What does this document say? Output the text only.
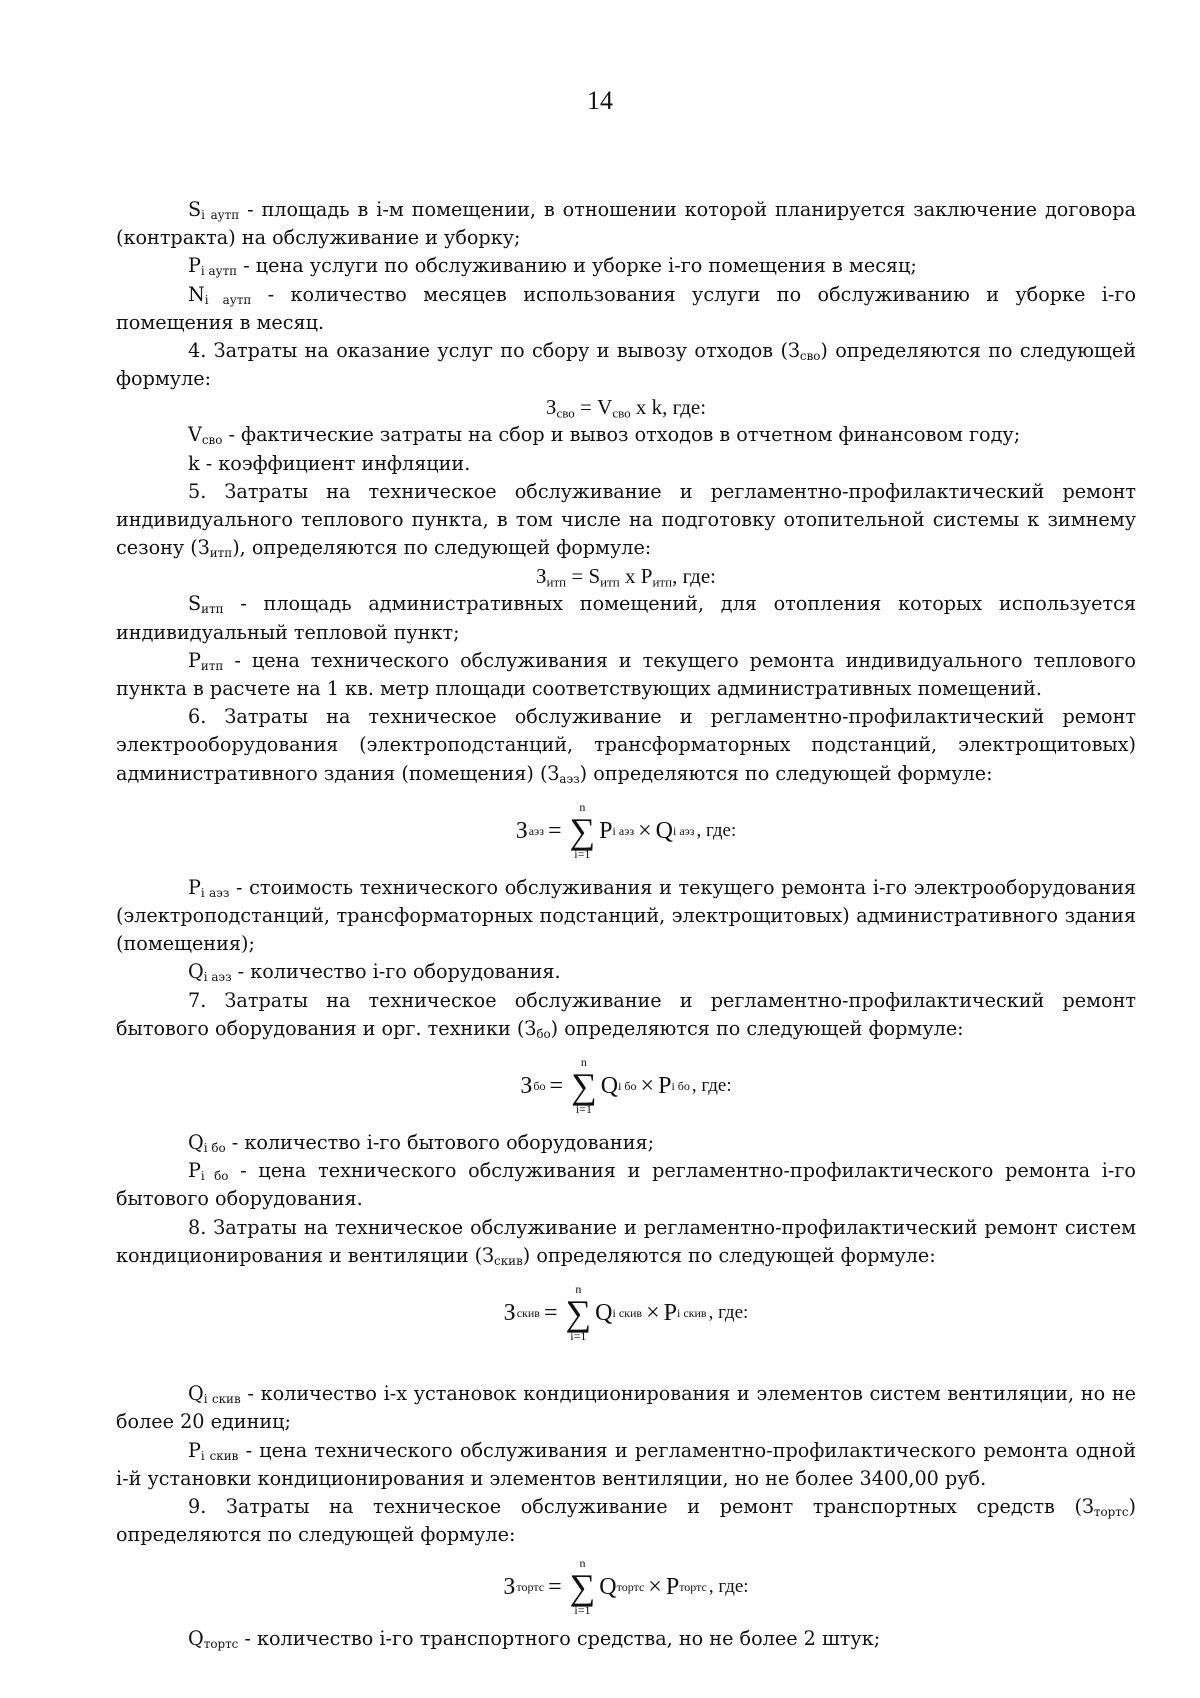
14

$S_{i аутп}$ - площадь в i-м помещении, в отношении которой планируется заключение договора (контракта) на обслуживание и уборку;

$P_{i аутп}$ - цена услуги по обслуживанию и уборке i-го помещения в месяц;

$N_{i аутп}$ - количество месяцев использования услуги по обслуживанию и уборке i-го помещения в месяц.

4. Затраты на оказание услуг по сбору и вывозу отходов $(З_{сво})$ определяются по следующей формуле:

$З_{сво} = V_{сво}$ x k, где:

$V_{сво}$ - фактические затраты на сбор и вывоз отходов в отчетном финансовом году;

k - коэффициент инфляции.

5. Затраты на техническое обслуживание и регламентно-профилактический ремонт индивидуального теплового пункта, в том числе на подготовку отопительной системы к зимнему сезону $(З_{итп})$, определяются по следующей формуле:

$З_{итп} = S_{итп}$ x $P_{итп}$, где:

$S_{итп}$ - площадь административных помещений, для отопления которых используется индивидуальный тепловой пункт;

$P_{итп}$ - цена технического обслуживания и текущего ремонта индивидуального теплового пункта в расчете на 1 кв. метр площади соответствующих административных помещений.

6. Затраты на техническое обслуживание и регламентно-профилактический ремонт электрооборудования (электроподстанций, трансформаторных подстанций, электрощитовых) административного здания (помещения) $(З_{аэз})$ определяются по следующей формуле:

З аэз =
n
∑
i=1
P i аэз × Q i аэз , где:

$P_{i аэз}$ - стоимость технического обслуживания и текущего ремонта i-го электрооборудования (электроподстанций, трансформаторных подстанций, электрощитовых) административного здания (помещения);

$Q_{i аэз}$ - количество i-го оборудования.

7. Затраты на техническое обслуживание и регламентно-профилактический ремонт бытового оборудования и орг. техники $(З_{бо})$ определяются по следующей формуле:

З бо =
n
∑
i=1
Q i бо × P i бо , где:

$Q_{i бо}$ - количество i-го бытового оборудования;

$P_{i бо}$ - цена технического обслуживания и регламентно-профилактического ремонта i-го бытового оборудования.

8. Затраты на техническое обслуживание и регламентно-профилактический ремонт систем кондиционирования и вентиляции $(З_{скив})$ определяются по следующей формуле:

З скив =
n
∑
i=1
Q i скив × P i скив , где:

$Q_{i скив}$ - количество i-х установок кондиционирования и элементов систем вентиляции, но не более 20 единиц;

$P_{i скив}$ - цена технического обслуживания и регламентно-профилактического ремонта одной i-й установки кондиционирования и элементов вентиляции, но не более 3400,00 руб.

9. Затраты на техническое обслуживание и ремонт транспортных средств $(З_{тортс})$ определяются по следующей формуле:

З тортс =
n
∑
i=1
Q тортс × P тортс , где:

$Q_{тортс}$ - количество i-го транспортного средства, но не более 2 штук;
